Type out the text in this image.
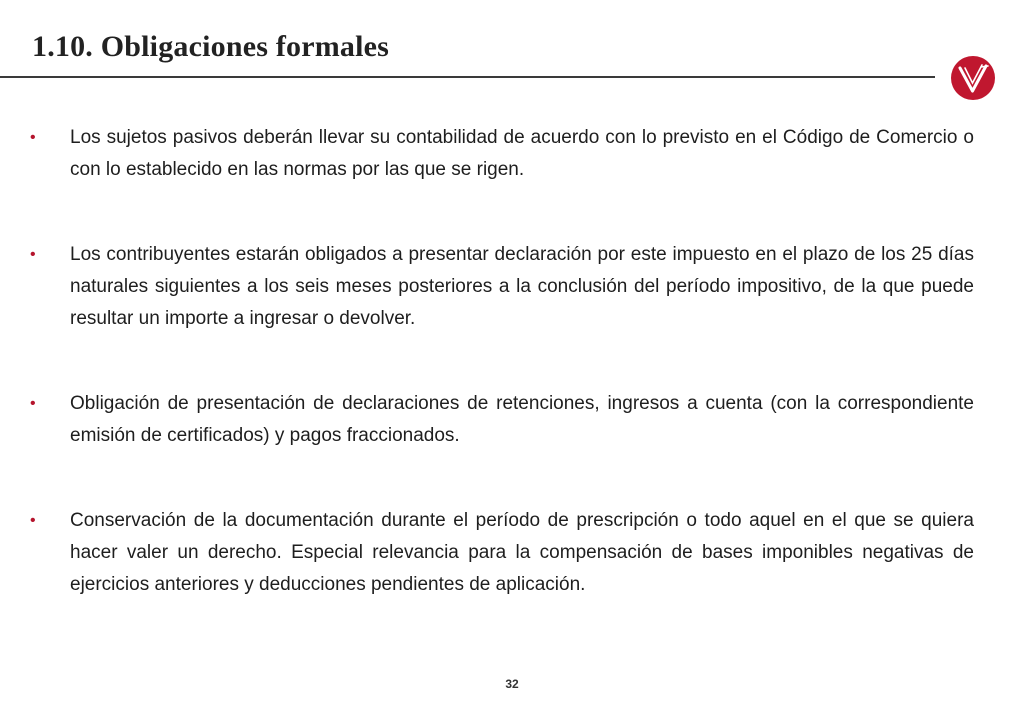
1.10. Obligaciones formales
• Los sujetos pasivos deberán llevar su contabilidad de acuerdo con lo previsto en el Código de Comercio o con lo establecido en las normas por las que se rigen.
• Los contribuyentes estarán obligados a presentar declaración por este impuesto en el plazo de los 25 días naturales siguientes a los seis meses posteriores a la conclusión del período impositivo, de la que puede resultar un importe a ingresar o devolver.
• Obligación de presentación de declaraciones de retenciones, ingresos a cuenta (con la correspondiente emisión de certificados) y pagos fraccionados.
• Conservación de la documentación durante el período de prescripción o todo aquel en el que se quiera hacer valer un derecho. Especial relevancia para la compensación de bases imponibles negativas de ejercicios anteriores y deducciones pendientes de aplicación.
32
